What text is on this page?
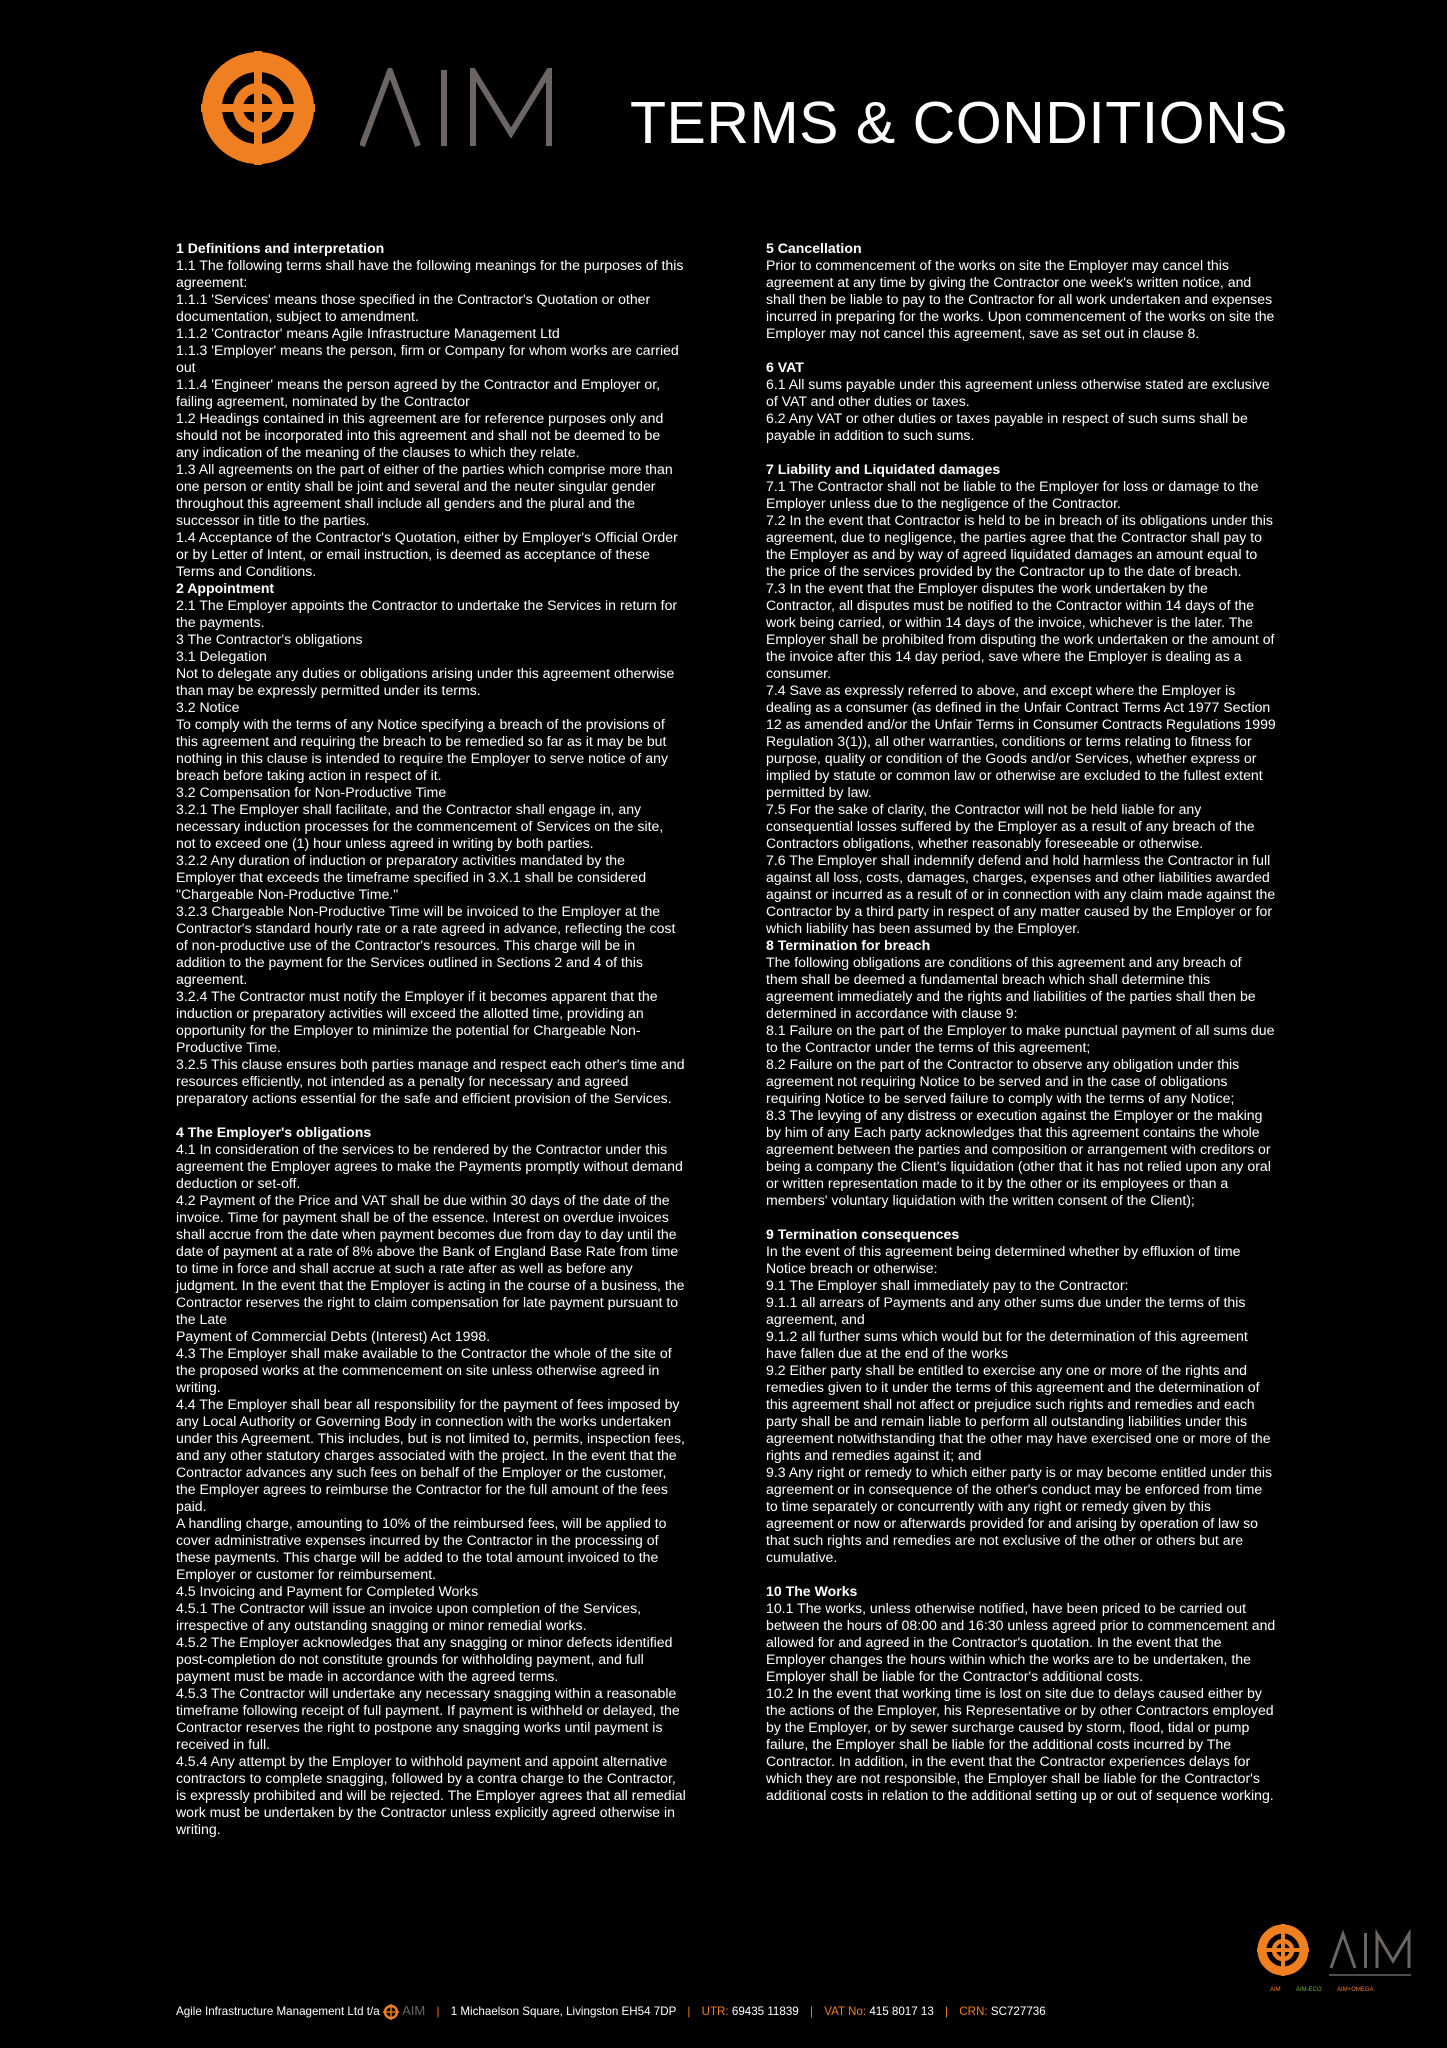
TERMS & CONDITIONS
1 Definitions and interpretation
1.1 The following terms shall have the following meanings for the purposes of this agreement:
1.1.1 'Services' means those specified in the Contractor's Quotation or other documentation, subject to amendment.
1.1.2 'Contractor' means Agile Infrastructure Management Ltd
1.1.3 'Employer' means the person, firm or Company for whom works are carried out
1.1.4 'Engineer' means the person agreed by the Contractor and Employer or, failing agreement, nominated by the Contractor
1.2 Headings contained in this agreement are for reference purposes only and should not be incorporated into this agreement and shall not be deemed to be any indication of the meaning of the clauses to which they relate.
1.3 All agreements on the part of either of the parties which comprise more than one person or entity shall be joint and several and the neuter singular gender throughout this agreement shall include all genders and the plural and the successor in title to the parties.
1.4 Acceptance of the Contractor's Quotation, either by Employer's Official Order or by Letter of Intent, or email instruction, is deemed as acceptance of these Terms and Conditions.
2 Appointment
2.1 The Employer appoints the Contractor to undertake the Services in return for the payments.
3 The Contractor's obligations
3.1 Delegation
Not to delegate any duties or obligations arising under this agreement otherwise than may be expressly permitted under its terms.
3.2 Notice
To comply with the terms of any Notice specifying a breach of the provisions of this agreement and requiring the breach to be remedied so far as it may be but nothing in this clause is intended to require the Employer to serve notice of any breach before taking action in respect of it.
3.2 Compensation for Non-Productive Time
3.2.1 The Employer shall facilitate, and the Contractor shall engage in, any necessary induction processes for the commencement of Services on the site, not to exceed one (1) hour unless agreed in writing by both parties.
3.2.2 Any duration of induction or preparatory activities mandated by the Employer that exceeds the timeframe specified in 3.X.1 shall be considered "Chargeable Non-Productive Time."
3.2.3 Chargeable Non-Productive Time will be invoiced to the Employer at the Contractor's standard hourly rate or a rate agreed in advance, reflecting the cost of non-productive use of the Contractor's resources. This charge will be in addition to the payment for the Services outlined in Sections 2 and 4 of this agreement.
3.2.4 The Contractor must notify the Employer if it becomes apparent that the induction or preparatory activities will exceed the allotted time, providing an opportunity for the Employer to minimize the potential for Chargeable Non-Productive Time.
3.2.5 This clause ensures both parties manage and respect each other's time and resources efficiently, not intended as a penalty for necessary and agreed preparatory actions essential for the safe and efficient provision of the Services.
4 The Employer's obligations
4.1 In consideration of the services to be rendered by the Contractor under this agreement the Employer agrees to make the Payments promptly without demand deduction or set-off.
4.2 Payment of the Price and VAT shall be due within 30 days of the date of the invoice. Time for payment shall be of the essence. Interest on overdue invoices shall accrue from the date when payment becomes due from day to day until the date of payment at a rate of 8% above the Bank of England Base Rate from time to time in force and shall accrue at such a rate after as well as before any judgment. In the event that the Employer is acting in the course of a business, the Contractor reserves the right to claim compensation for late payment pursuant to the Late
Payment of Commercial Debts (Interest) Act 1998.
4.3 The Employer shall make available to the Contractor the whole of the site of the proposed works at the commencement on site unless otherwise agreed in writing.
4.4 The Employer shall bear all responsibility for the payment of fees imposed by any Local Authority or Governing Body in connection with the works undertaken under this Agreement. This includes, but is not limited to, permits, inspection fees, and any other statutory charges associated with the project. In the event that the Contractor advances any such fees on behalf of the Employer or the customer, the Employer agrees to reimburse the Contractor for the full amount of the fees paid.
A handling charge, amounting to 10% of the reimbursed fees, will be applied to cover administrative expenses incurred by the Contractor in the processing of these payments. This charge will be added to the total amount invoiced to the Employer or customer for reimbursement.
4.5 Invoicing and Payment for Completed Works
4.5.1 The Contractor will issue an invoice upon completion of the Services, irrespective of any outstanding snagging or minor remedial works.
4.5.2 The Employer acknowledges that any snagging or minor defects identified post-completion do not constitute grounds for withholding payment, and full payment must be made in accordance with the agreed terms.
4.5.3 The Contractor will undertake any necessary snagging within a reasonable timeframe following receipt of full payment. If payment is withheld or delayed, the Contractor reserves the right to postpone any snagging works until payment is received in full.
4.5.4 Any attempt by the Employer to withhold payment and appoint alternative contractors to complete snagging, followed by a contra charge to the Contractor, is expressly prohibited and will be rejected. The Employer agrees that all remedial work must be undertaken by the Contractor unless explicitly agreed otherwise in writing.
5 Cancellation
Prior to commencement of the works on site the Employer may cancel this agreement at any time by giving the Contractor one week's written notice, and shall then be liable to pay to the Contractor for all work undertaken and expenses incurred in preparing for the works. Upon commencement of the works on site the Employer may not cancel this agreement, save as set out in clause 8.
6 VAT
6.1 All sums payable under this agreement unless otherwise stated are exclusive of VAT and other duties or taxes.
6.2 Any VAT or other duties or taxes payable in respect of such sums shall be payable in addition to such sums.
7 Liability and Liquidated damages
7.1 The Contractor shall not be liable to the Employer for loss or damage to the Employer unless due to the negligence of the Contractor.
7.2 In the event that Contractor is held to be in breach of its obligations under this agreement, due to negligence, the parties agree that the Contractor shall pay to the Employer as and by way of agreed liquidated damages an amount equal to the price of the services provided by the Contractor up to the date of breach.
7.3 In the event that the Employer disputes the work undertaken by the Contractor, all disputes must be notified to the Contractor within 14 days of the work being carried, or within 14 days of the invoice, whichever is the later. The Employer shall be prohibited from disputing the work undertaken or the amount of the invoice after this 14 day period, save where the Employer is dealing as a consumer.
7.4 Save as expressly referred to above, and except where the Employer is dealing as a consumer (as defined in the Unfair Contract Terms Act 1977 Section 12 as amended and/or the Unfair Terms in Consumer Contracts Regulations 1999 Regulation 3(1)), all other warranties, conditions or terms relating to fitness for purpose, quality or condition of the Goods and/or Services, whether express or implied by statute or common law or otherwise are excluded to the fullest extent permitted by law.
7.5 For the sake of clarity, the Contractor will not be held liable for any consequential losses suffered by the Employer as a result of any breach of the Contractors obligations, whether reasonably foreseeable or otherwise.
7.6 The Employer shall indemnify defend and hold harmless the Contractor in full against all loss, costs, damages, charges, expenses and other liabilities awarded against or incurred as a result of or in connection with any claim made against the Contractor by a third party in respect of any matter caused by the Employer or for which liability has been assumed by the Employer.
8 Termination for breach
The following obligations are conditions of this agreement and any breach of them shall be deemed a fundamental breach which shall determine this agreement immediately and the rights and liabilities of the parties shall then be determined in accordance with clause 9:
8.1 Failure on the part of the Employer to make punctual payment of all sums due to the Contractor under the terms of this agreement;
8.2 Failure on the part of the Contractor to observe any obligation under this agreement not requiring Notice to be served and in the case of obligations requiring Notice to be served failure to comply with the terms of any Notice;
8.3 The levying of any distress or execution against the Employer or the making by him of any Each party acknowledges that this agreement contains the whole agreement between the parties and composition or arrangement with creditors or being a company the Client's liquidation (other that it has not relied upon any oral or written representation made to it by the other or its employees or than a members' voluntary liquidation with the written consent of the Client);
9 Termination consequences
In the event of this agreement being determined whether by effluxion of time Notice breach or otherwise:
9.1 The Employer shall immediately pay to the Contractor:
9.1.1 all arrears of Payments and any other sums due under the terms of this agreement, and
9.1.2 all further sums which would but for the determination of this agreement have fallen due at the end of the works
9.2 Either party shall be entitled to exercise any one or more of the rights and remedies given to it under the terms of this agreement and the determination of this agreement shall not affect or prejudice such rights and remedies and each party shall be and remain liable to perform all outstanding liabilities under this agreement notwithstanding that the other may have exercised one or more of the rights and remedies against it; and
9.3 Any right or remedy to which either party is or may become entitled under this agreement or in consequence of the other's conduct may be enforced from time to time separately or concurrently with any right or remedy given by this agreement or now or afterwards provided for and arising by operation of law so that such rights and remedies are not exclusive of the other or others but are cumulative.
10 The Works
10.1 The works, unless otherwise notified, have been priced to be carried out between the hours of 08:00 and 16:30 unless agreed prior to commencement and allowed for and agreed in the Contractor's quotation. In the event that the Employer changes the hours within which the works are to be undertaken, the Employer shall be liable for the Contractor's additional costs.
10.2 In the event that working time is lost on site due to delays caused either by the actions of the Employer, his Representative or by other Contractors employed by the Employer, or by sewer surcharge caused by storm, flood, tidal or pump failure, the Employer shall be liable for the additional costs incurred by The Contractor. In addition, in the event that the Contractor experiences delays for which they are not responsible, the Employer shall be liable for the Contractor's additional costs in relation to the additional setting up or out of sequence working.
AIM	AIM-ECO	AIM+OMEGA
Agile Infrastructure Management Ltd t/a AIM | 1 Michaelson Square, Livingston EH54 7DP | UTR: 69435 11839 | VAT No: 415 8017 13 | CRN: SC727736
